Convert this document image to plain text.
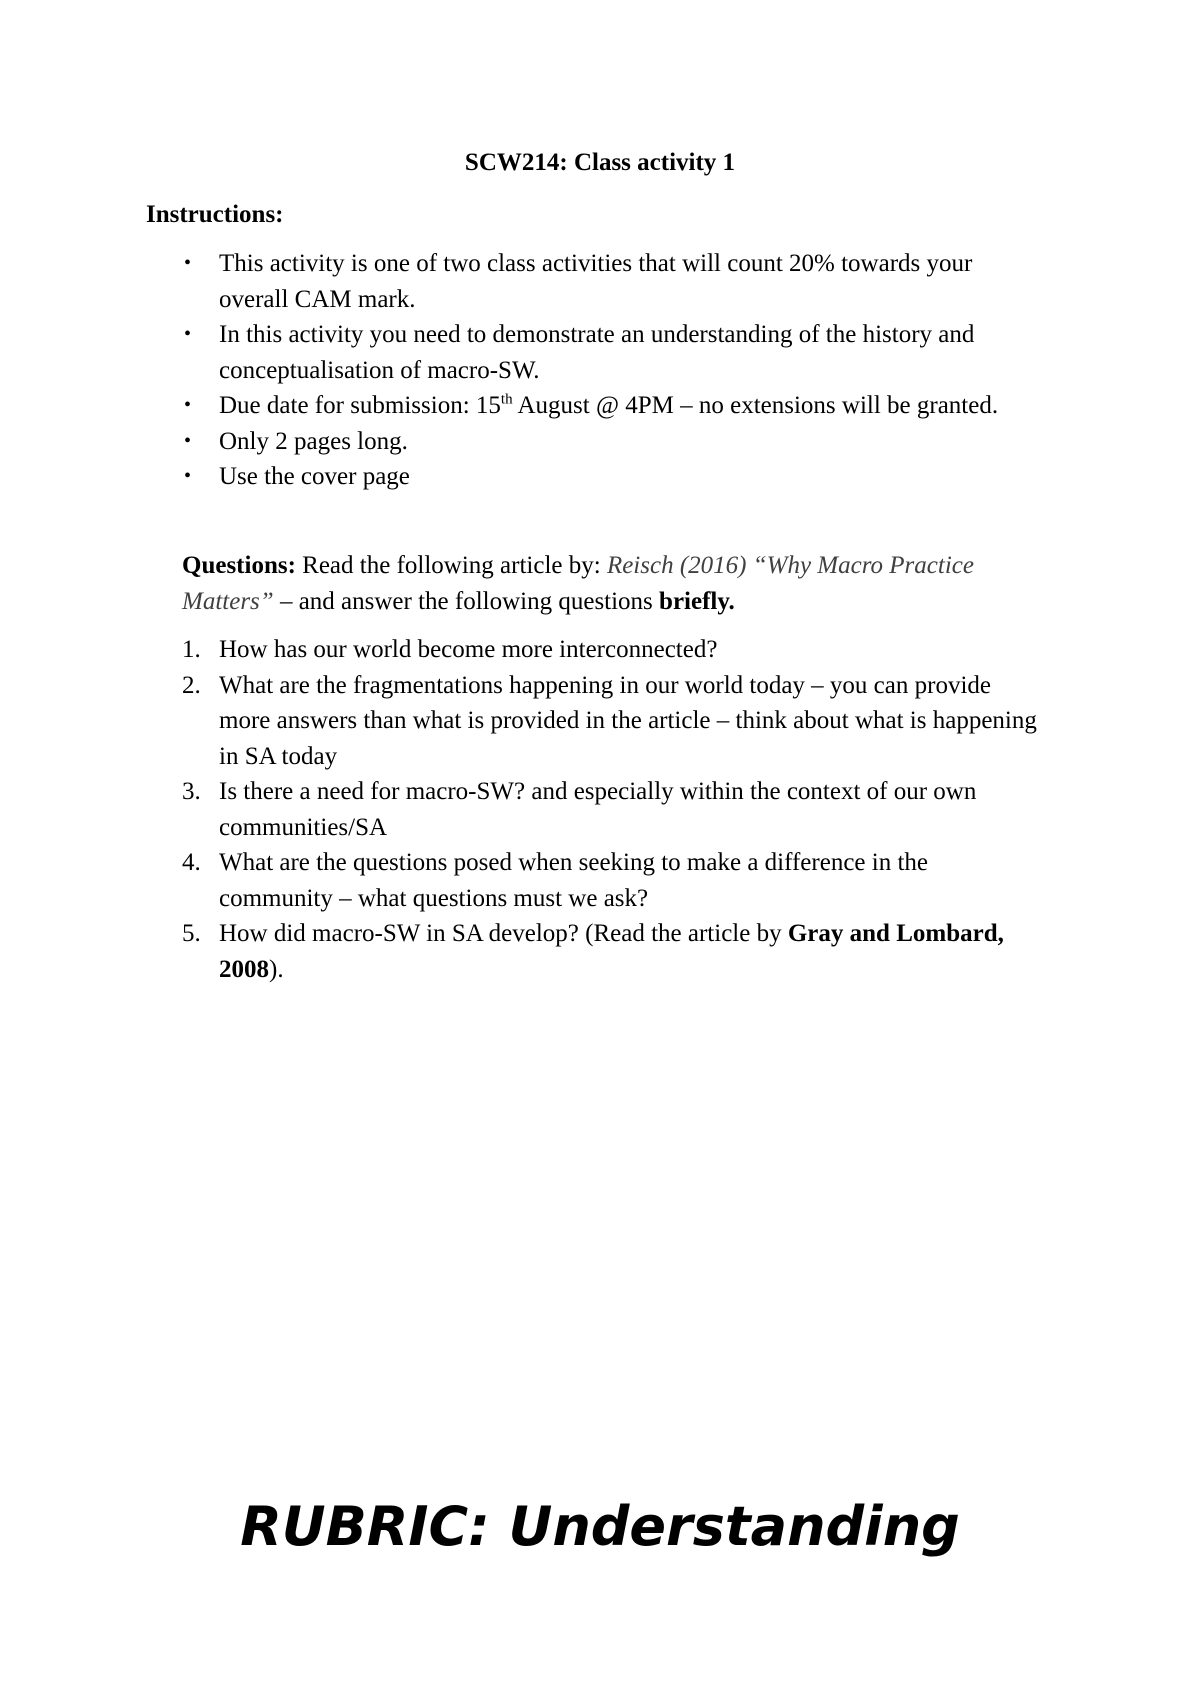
SCW214: Class activity 1
Instructions:
• This activity is one of two class activities that will count 20% towards your overall CAM mark.
• In this activity you need to demonstrate an understanding of the history and conceptualisation of macro-SW.
• Due date for submission: 15th August @ 4PM – no extensions will be granted.
• Only 2 pages long.
• Use the cover page

Questions: Read the following article by: Reisch (2016) “Why Macro Practice Matters” – and answer the following questions briefly.

1. How has our world become more interconnected?
2. What are the fragmentations happening in our world today – you can provide more answers than what is provided in the article – think about what is happening in SA today
3. Is there a need for macro-SW? and especially within the context of our own communities/SA
4. What are the questions posed when seeking to make a difference in the community – what questions must we ask?
5. How did macro-SW in SA develop? (Read the article by Gray and Lombard, 2008).
RUBRIC: Understanding
